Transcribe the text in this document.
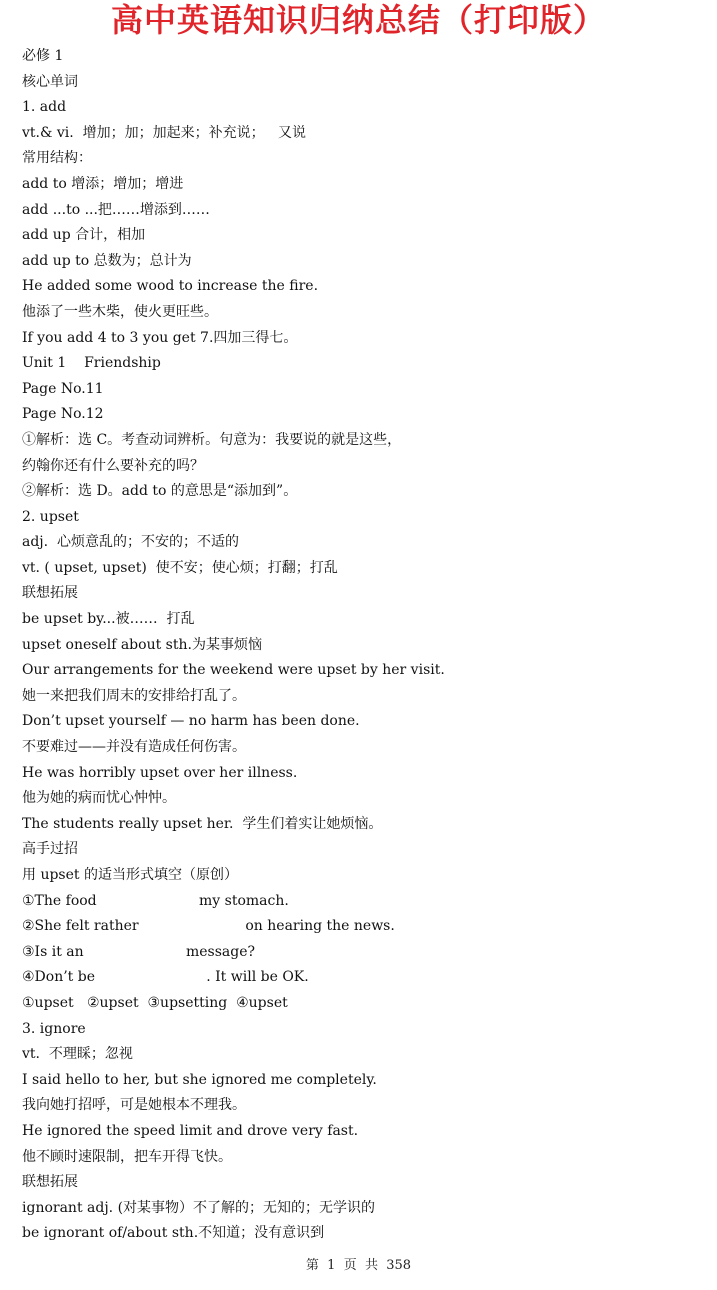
高中英语知识归纳总结（打印版）
必修 1
核心单词
1. add
vt.& vi.  增加；加；加起来；补充说；   又说
常用结构：
add to 增添；增加；增进
add ...to ...把……增添到……
add up 合计，相加
add up to 总数为；总计为
He added some wood to increase the fire.
他添了一些木柴，使火更旺些。
If you add 4 to 3 you get 7.四加三得七。
Unit 1    Friendship
Page No.11
Page No.12
①解析：选 C。考查动词辨析。句意为：我要说的就是这些，
约翰你还有什么要补充的吗？
②解析：选 D。add to 的意思是“添加到”。
2. upset
adj.  心烦意乱的；不安的；不适的
vt. ( upset, upset)  使不安；使心烦；打翻；打乱
联想拓展
be upset by...被……  打乱
upset oneself about sth.为某事烦恼
Our arrangements for the weekend were upset by her visit.
她一来把我们周末的安排给打乱了。
Don’t upset yourself — no harm has been done.
不要难过——并没有造成任何伤害。
He was horribly upset over her illness.
他为她的病而忧心忡忡。
The students really upset her.  学生们着实让她烦恼。
高手过招
用 upset 的适当形式填空（原创）
①The food                       my stomach.
②She felt rather                        on hearing the news.
③Is it an                       message?
④Don’t be                         . It will be OK.
①upset   ②upset  ③upsetting  ④upset
3. ignore
vt.  不理睬；忽视
I said hello to her, but she ignored me completely.
我向她打招呼，可是她根本不理我。
He ignored the speed limit and drove very fast.
他不顾时速限制，把车开得飞快。
联想拓展
ignorant adj. (对某事物）不了解的；无知的；无学识的
be ignorant of/about sth.不知道；没有意识到
第  1  页  共  358
